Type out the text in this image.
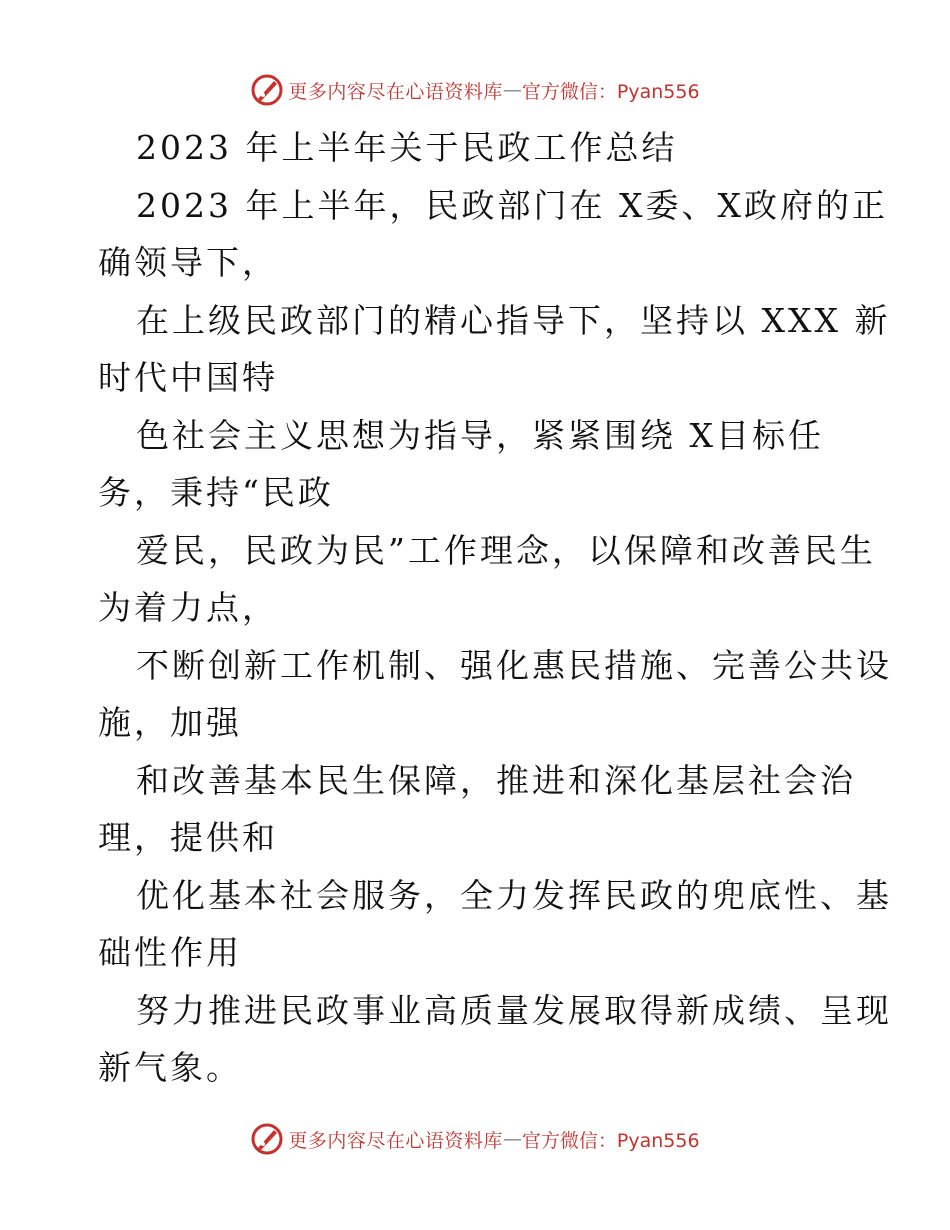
更多内容尽在心语资料库 — 官方微信：Pyan556
2023 年上半年关于民政工作总结
2023 年上半年，民政部门在 X委、X政府的正
确领导下，
在上级民政部门的精心指导下，坚持以 XXX 新
时代中国特
色社会主义思想为指导，紧紧围绕 X目标任
务，秉持“民政
爱民，民政为民”工作理念，以保障和改善民生
为着力点，
不断创新工作机制、强化惠民措施、完善公共设
施，加强
和改善基本民生保障，推进和深化基层社会治
理，提供和
优化基本社会服务，全力发挥民政的兜底性、基
础性作用
努力推进民政事业高质量发展取得新成绩、呈现
新气象。
更多内容尽在心语资料库 — 官方微信：Pyan556
